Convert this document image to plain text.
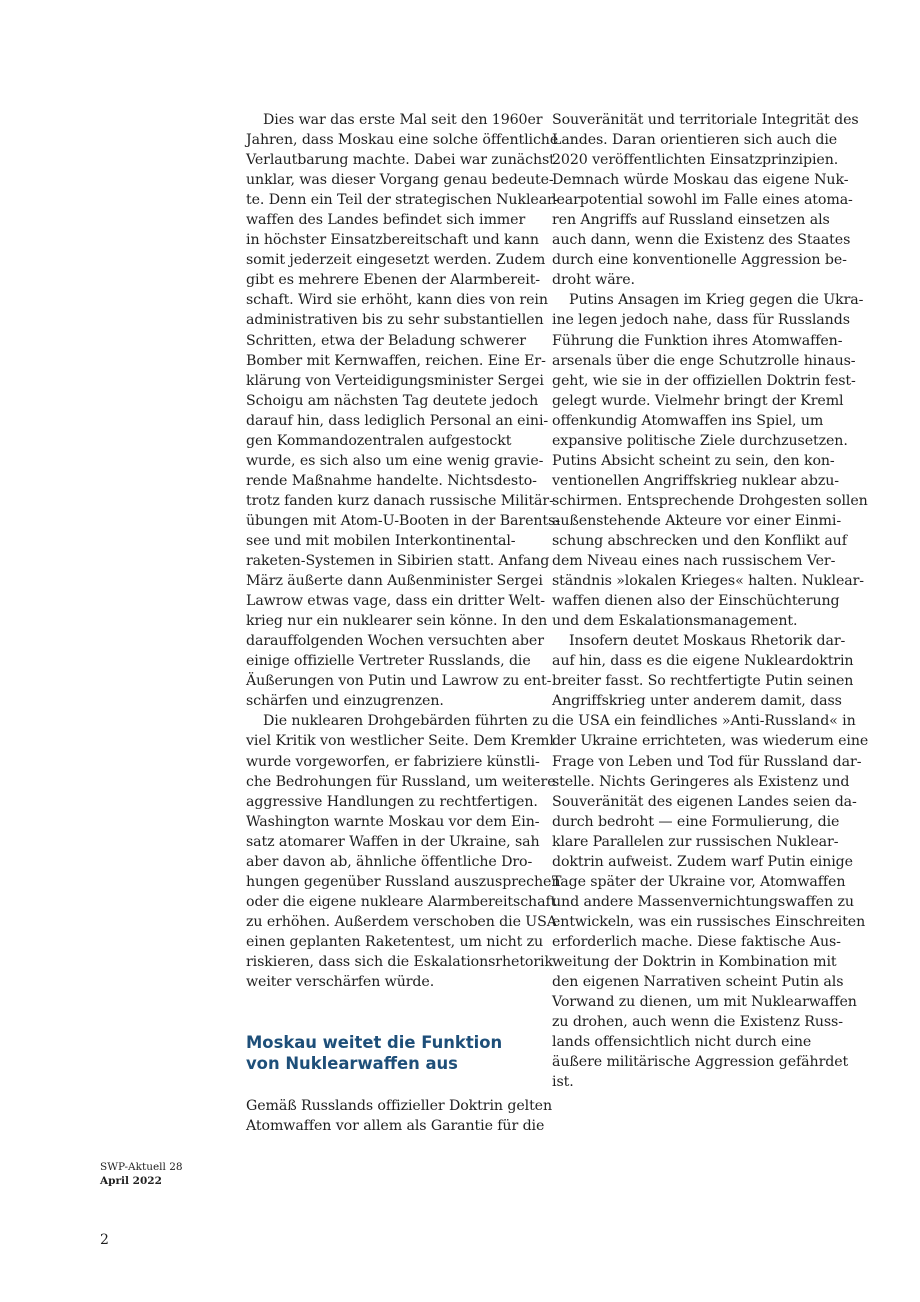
Dies war das erste Mal seit den 1960er
Jahren, dass Moskau eine solche öffentliche
Verlautbarung machte. Dabei war zunächst
unklar, was dieser Vorgang genau bedeute-
te. Denn ein Teil der strategischen Nuklear-
waffen des Landes befindet sich immer
in höchster Einsatzbereitschaft und kann
somit jederzeit eingesetzt werden. Zudem
gibt es mehrere Ebenen der Alarmbereit-
schaft. Wird sie erhöht, kann dies von rein
administrativen bis zu sehr substantiellen
Schritten, etwa der Beladung schwerer
Bomber mit Kernwaffen, reichen. Eine Er-
klärung von Verteidigungsminister Sergei
Schoigu am nächsten Tag deutete jedoch
darauf hin, dass lediglich Personal an eini-
gen Kommandozentralen aufgestockt
wurde, es sich also um eine wenig gravie-
rende Maßnahme handelte. Nichtsdesto-
trotz fanden kurz danach russische Militär-
übungen mit Atom-U-Booten in der Barents-
see und mit mobilen Interkontinental-
raketen-Systemen in Sibirien statt. Anfang
März äußerte dann Außenminister Sergei
Lawrow etwas vage, dass ein dritter Welt-
krieg nur ein nuklearer sein könne. In den
darauffolgenden Wochen versuchten aber
einige offizielle Vertreter Russlands, die
Äußerungen von Putin und Lawrow zu ent-
schärfen und einzugrenzen.
Die nuklearen Drohgebärden führten zu
viel Kritik von westlicher Seite. Dem Kreml
wurde vorgeworfen, er fabriziere künstli-
che Bedrohungen für Russland, um weitere
aggressive Handlungen zu rechtfertigen.
Washington warnte Moskau vor dem Ein-
satz atomarer Waffen in der Ukraine, sah
aber davon ab, ähnliche öffentliche Dro-
hungen gegenüber Russland auszusprechen
oder die eigene nukleare Alarmbereitschaft
zu erhöhen. Außerdem verschoben die USA
einen geplanten Raketentest, um nicht zu
riskieren, dass sich die Eskalationsrhetorik
weiter verschärfen würde.
Moskau weitet die Funktion
von Nuklearwaffen aus
Gemäß Russlands offizieller Doktrin gelten
Atomwaffen vor allem als Garantie für die
Souveränität und territoriale Integrität des
Landes. Daran orientieren sich auch die
2020 veröffentlichten Einsatzprinzipien.
Demnach würde Moskau das eigene Nuk-
learpotential sowohl im Falle eines atoma-
ren Angriffs auf Russland einsetzen als
auch dann, wenn die Existenz des Staates
durch eine konventionelle Aggression be-
droht wäre.
Putins Ansagen im Krieg gegen die Ukra-
ine legen jedoch nahe, dass für Russlands
Führung die Funktion ihres Atomwaffen-
arsenals über die enge Schutzrolle hinaus-
geht, wie sie in der offiziellen Doktrin fest-
gelegt wurde. Vielmehr bringt der Kreml
offenkundig Atomwaffen ins Spiel, um
expansive politische Ziele durchzusetzen.
Putins Absicht scheint zu sein, den kon-
ventionellen Angriffskrieg nuklear abzu-
schirmen. Entsprechende Drohgesten sollen
außenstehende Akteure vor einer Einmi-
schung abschrecken und den Konflikt auf
dem Niveau eines nach russischem Ver-
ständnis »lokalen Krieges« halten. Nuklear-
waffen dienen also der Einschüchterung
und dem Eskalationsmanagement.
Insofern deutet Moskaus Rhetorik dar-
auf hin, dass es die eigene Nukleardoktrin
breiter fasst. So rechtfertigte Putin seinen
Angriffskrieg unter anderem damit, dass
die USA ein feindliches »Anti-Russland« in
der Ukraine errichteten, was wiederum eine
Frage von Leben und Tod für Russland dar-
stelle. Nichts Geringeres als Existenz und
Souveränität des eigenen Landes seien da-
durch bedroht — eine Formulierung, die
klare Parallelen zur russischen Nuklear-
doktrin aufweist. Zudem warf Putin einige
Tage später der Ukraine vor, Atomwaffen
und andere Massenvernichtungswaffen zu
entwickeln, was ein russisches Einschreiten
erforderlich mache. Diese faktische Aus-
weitung der Doktrin in Kombination mit
den eigenen Narrativen scheint Putin als
Vorwand zu dienen, um mit Nuklearwaffen
zu drohen, auch wenn die Existenz Russ-
lands offensichtlich nicht durch eine
äußere militärische Aggression gefährdet
ist.
SWP-Aktuell 28
April 2022
2
